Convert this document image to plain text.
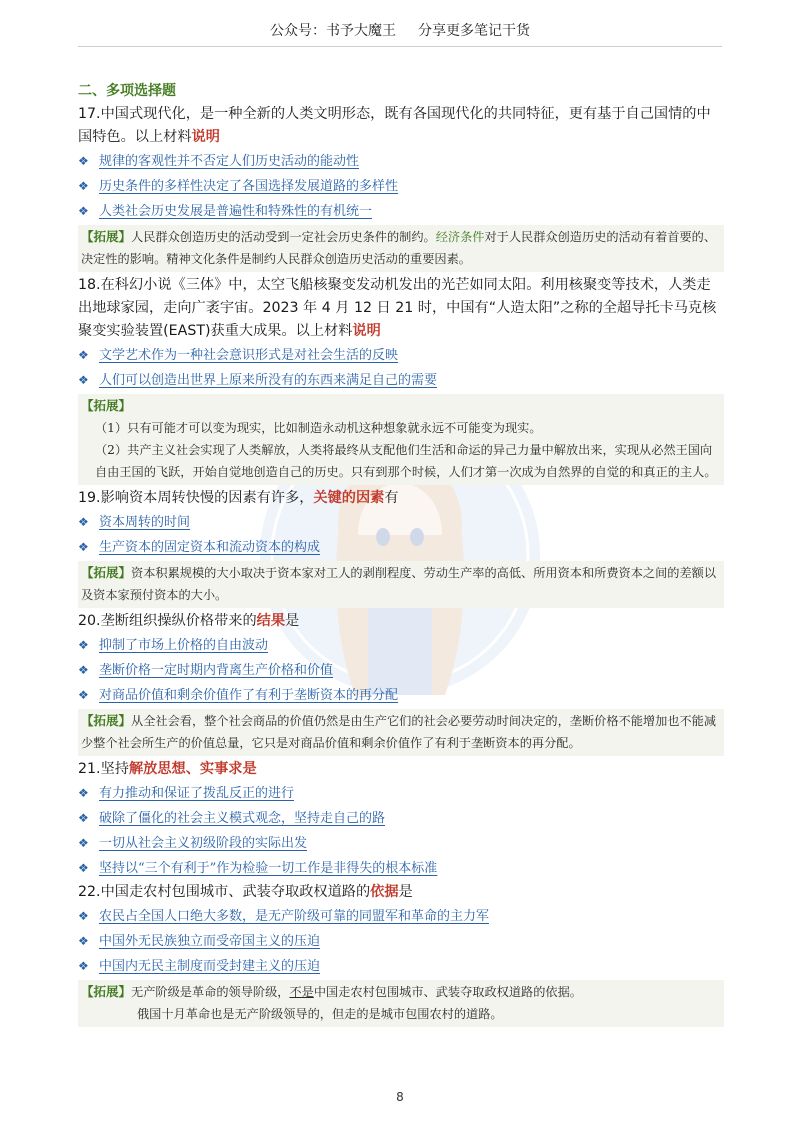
公众号：书予大魔王 分享更多笔记干货
二、多项选择题

17.中国式现代化，是一种全新的人类文明形态，既有各国现代化的共同特征，更有基于自己国情的中国特色。以上材料说明

❖ 规律的客观性并不否定人们历史活动的能动性
❖ 历史条件的多样性决定了各国选择发展道路的多样性
❖ 人类社会历史发展是普遍性和特殊性的有机统一
【拓展】人民群众创造历史的活动受到一定社会历史条件的制约。经济条件对于人民群众创造历史的活动有着首要的、决定性的影响。精神文化条件是制约人民群众创造历史活动的重要因素。

18.在科幻小说《三体》中，太空飞船核聚变发动机发出的光芒如同太阳。利用核聚变等技术，人类走出地球家园，走向广袤宇宙。2023 年 4 月 12 日 21 时，中国有“人造太阳”之称的全超导托卡马克核聚变实验装置(EAST)获重大成果。以上材料说明

❖ 文学艺术作为一种社会意识形式是对社会生活的反映
❖ 人们可以创造出世界上原来所没有的东西来满足自己的需要
【拓展】
（1）只有可能才可以变为现实，比如制造永动机这种想象就永远不可能变为现实。
（2）共产主义社会实现了人类解放，人类将最终从支配他们生活和命运的异己力量中解放出来，实现从必然王国向自由王国的飞跃，开始自觉地创造自己的历史。只有到那个时候，人们才第一次成为自然界的自觉的和真正的主人。

19.影响资本周转快慢的因素有许多，关键的因素有

❖ 资本周转的时间
❖ 生产资本的固定资本和流动资本的构成
【拓展】资本积累规模的大小取决于资本家对工人的剥削程度、劳动生产率的高低、所用资本和所费资本之间的差额以及资本家预付资本的大小。

20.垄断组织操纵价格带来的结果是

❖ 抑制了市场上价格的自由波动
❖ 垄断价格一定时期内背离生产价格和价值
❖ 对商品价值和剩余价值作了有利于垄断资本的再分配
【拓展】从全社会看，整个社会商品的价值仍然是由生产它们的社会必要劳动时间决定的，垄断价格不能增加也不能减少整个社会所生产的价值总量，它只是对商品价值和剩余价值作了有利于垄断资本的再分配。

21.坚持解放思想、实事求是

❖ 有力推动和保证了拨乱反正的进行
❖ 破除了僵化的社会主义模式观念，坚持走自己的路
❖ 一切从社会主义初级阶段的实际出发
❖ 坚持以“三个有利于”作为检验一切工作是非得失的根本标准

22.中国走农村包围城市、武装夺取政权道路的依据是

❖ 农民占全国人口绝大多数，是无产阶级可靠的同盟军和革命的主力军
❖ 中国外无民族独立而受帝国主义的压迫
❖ 中国内无民主制度而受封建主义的压迫
【拓展】无产阶级是革命的领导阶级，不是中国走农村包围城市、武装夺取政权道路的依据。
俄国十月革命也是无产阶级领导的，但走的是城市包围农村的道路。
8
